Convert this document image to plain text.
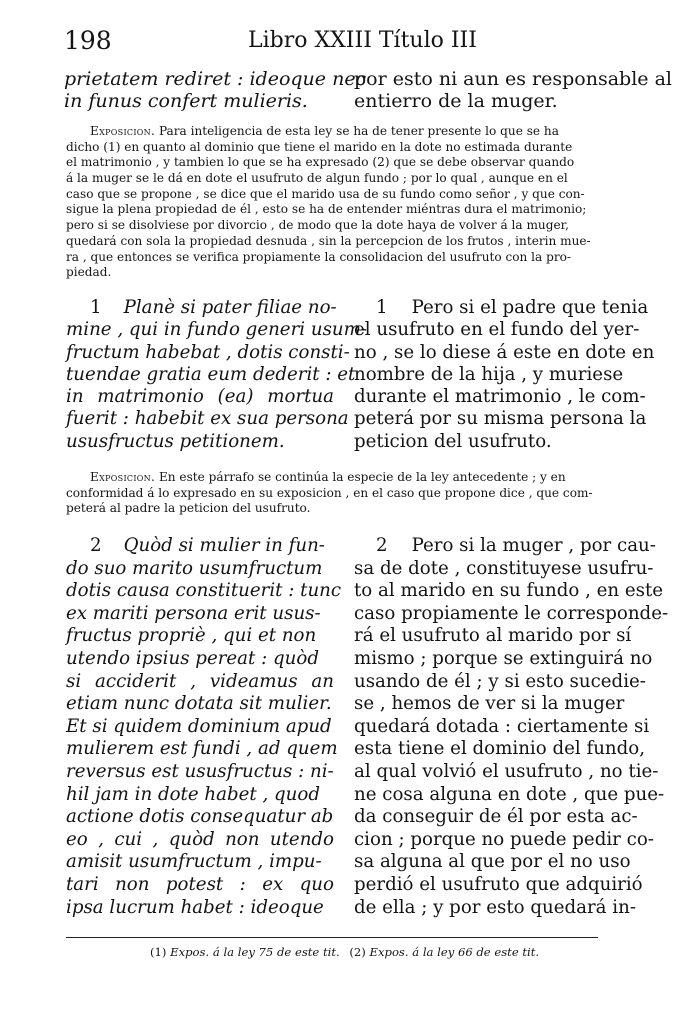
198	Libro XXIII Título III
prietatem rediret : ideoque nec
in funus confert mulieris.
por esto ni aun es responsable al
entierro de la muger.
Exposicion. Para inteligencia de esta ley se ha de tener presente lo que se ha
dicho (1) en quanto al dominio que tiene el marido en la dote no estimada durante
el matrimonio , y tambien lo que se ha expresado (2) que se debe observar quando
á la muger se le dá en dote el usufruto de algun fundo ; por lo qual , aunque en el
caso que se propone , se dice que el marido usa de su fundo como señor , y que con-
sigue la plena propiedad de él , esto se ha de entender miéntras dura el matrimonio;
pero si se disolviese por divorcio , de modo que la dote haya de volver á la muger,
quedará con sola la propiedad desnuda , sin la percepcion de los frutos , interin mue-
ra , que entonces se verifica propiamente la consolidacion del usufruto con la pro-
piedad.
1 Planè si pater filiae no-
mine , qui in fundo generi usum-
fructum habebat , dotis consti-
tuendae gratia eum dederit : et
in matrimonio (ea) mortua
fuerit : habebit ex sua persona
ususfructus petitionem.
1 Pero si el padre que tenia
el usufruto en el fundo del yer-
no , se lo diese á este en dote en
nombre de la hija , y muriese
durante el matrimonio , le com-
peterá por su misma persona la
peticion del usufruto.
Exposicion. En este párrafo se continúa la especie de la ley antecedente ; y en
conformidad á lo expresado en su exposicion , en el caso que propone dice , que com-
peterá al padre la peticion del usufruto.
2 Quòd si mulier in fun-
do suo marito usumfructum
dotis causa constituerit : tunc
ex mariti persona erit usus-
fructus propriè , qui et non
utendo ipsius pereat : quòd
si acciderit , videamus an
etiam nunc dotata sit mulier.
Et si quidem dominium apud
mulierem est fundi , ad quem
reversus est ususfructus : ni-
hil jam in dote habet , quod
actione dotis consequatur ab
eo , cui , quòd non utendo
amisit usumfructum , impu-
tari non potest : ex quo
ipsa lucrum habet : ideoque
2 Pero si la muger , por cau-
sa de dote , constituyese usufru-
to al marido en su fundo , en este
caso propiamente le corresponde-
rá el usufruto al marido por sí
mismo ; porque se extinguirá no
usando de él ; y si esto sucedie-
se , hemos de ver si la muger
quedará dotada : ciertamente si
esta tiene el dominio del fundo,
al qual volvió el usufruto , no tie-
ne cosa alguna en dote , que pue-
da conseguir de él por esta ac-
cion ; porque no puede pedir co-
sa alguna al que por el no uso
perdió el usufruto que adquirió
de ella ; y por esto quedará in-
(1) Expos. á la ley 75 de este tit. (2) Expos. á la ley 66 de este tit.
